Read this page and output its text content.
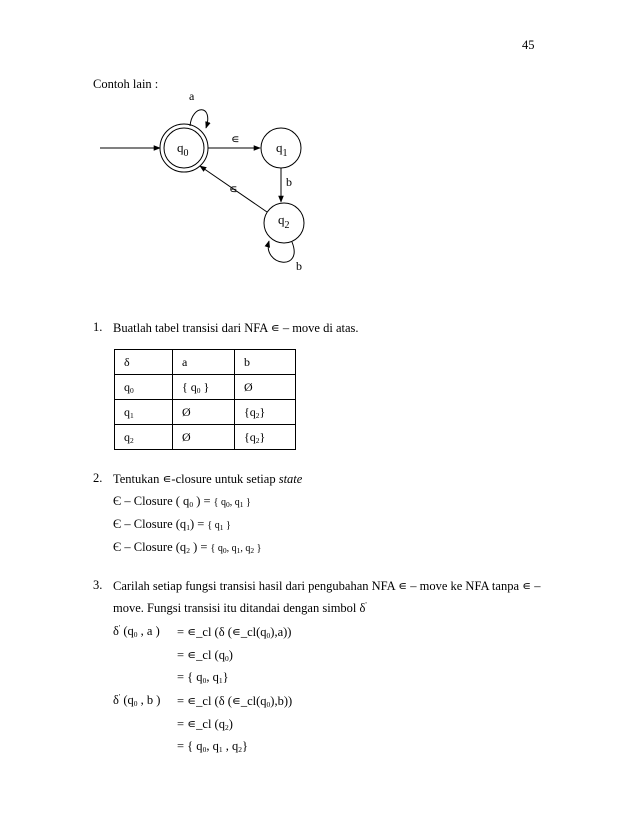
45
Contoh lain :
$q_0$	$q_1$
$q_2$
a
∊
b
∊
b
1. Buatlah tabel transisi dari NFA ∊ – move di atas.
δ	a	b
$q_0$	{ $q_0$ }	Ø
$q_1$	Ø	$\{q_2\}$
$q_2$	Ø	$\{q_2\}$
2. Tentukan ∊-closure untuk setiap state
Є – Closure ( $q_0$ ) = { $q_0$, $q_1$ }
Є – Closure $(q_1)$ = { $q_1$ }
Є – Closure ($q_2$ ) = { $q_0$, $q_1$, $q_2$ }
3. Carilah setiap fungsi transisi hasil dari pengubahan NFA ∊ – move ke NFA tanpa ∊ –
move. Fungsi transisi itu ditandai dengan simbol δ'
δ' ($q_0$ , a ) = ∊_cl (δ $(∊\_cl(q_0),a)$)
= ∊_cl $(q_0)$
= { $q_0$, $q_1$}
δ' ($q_0$ , b ) = ∊_cl (δ $(∊\_cl(q_0),b)$)
= ∊_cl $(q_2)$
= { $q_0$, $q_1$ , $q_2$}
